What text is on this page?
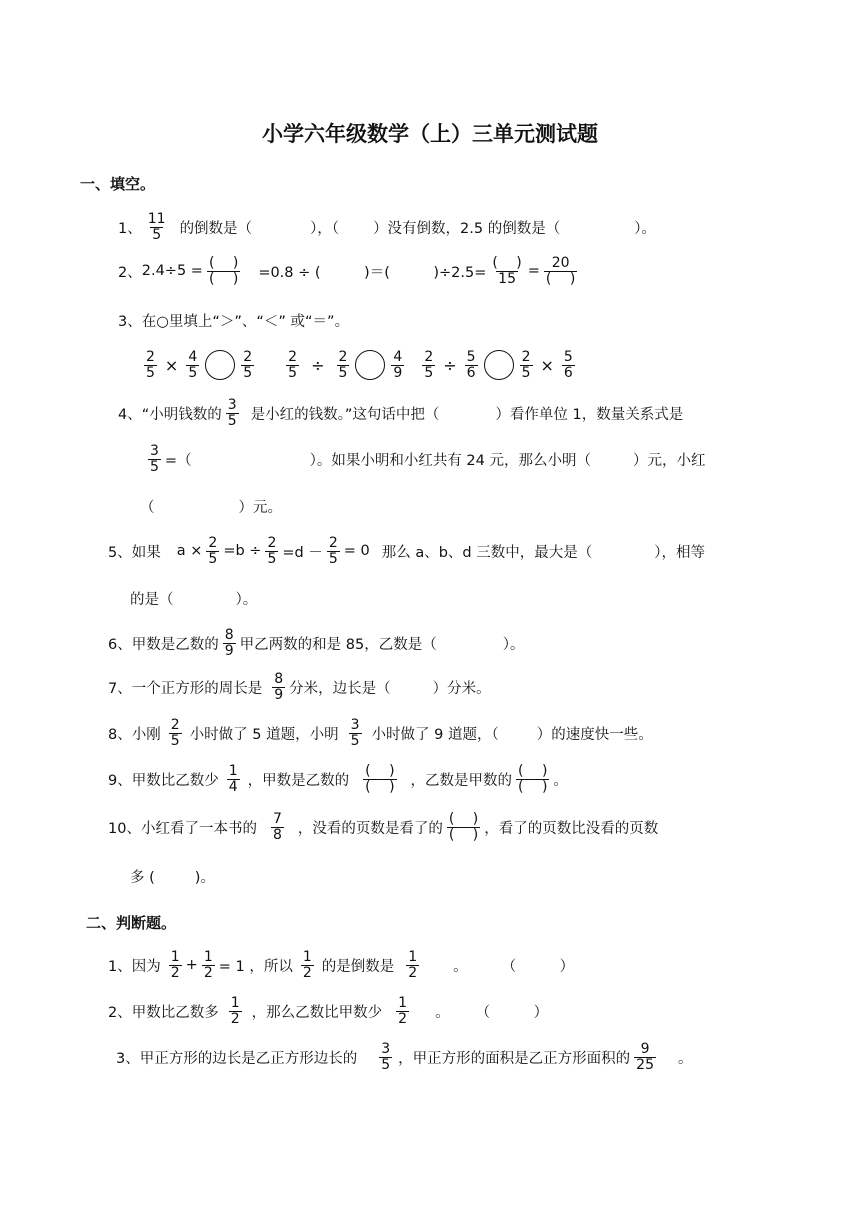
小学六年级数学（上）三单元测试题
一、填空。
1、 $\frac{11}{5}$ 的倒数是（	），（ ）没有倒数，2.5 的倒数是（	）。
2、 $2.4\div 5 = \frac{( )}{( )} =0.8$ ÷ (　　　)＝(　　　)$\div 2.5= \frac{( )}{15} = \frac{20}{( )}$
3、 在○里填上“＞”、“＜” 或“＝”。
$\frac{2}{5} \times \frac{4}{5}$	$\frac{2}{5} \frac{2}{5} \div \frac{2}{5}$	$\frac{4}{9} \frac{2}{5} \div \frac{5}{6}$	$\frac{2}{5} \times \frac{5}{6}$
4、 “小明钱数的 $\frac{3}{5}$ 是小红的钱数。”这句话中把（	）看作单位 1，数量关系式是
$\frac{3}{5}$ =（	）。如果小明和小红共有 24 元，那么小明（	）元，小红
（	）元。
5、 如果 $a \times \frac{2}{5} =b \div \frac{2}{5} =d - \frac{2}{5} = 0$ 那么 a、b、d 三数中，最大是（	），相等
的是（	）。
6、 甲数是乙数的 $\frac{8}{9}$ 甲乙两数的和是 85，乙数是（	）。
7、 一个正方形的周长是 $\frac{8}{9}$ 分米，边长是（	）分米。
8、 小刚 $\frac{2}{5}$ 小时做了 5 道题，小明 $\frac{3}{5}$ 小时做了 9 道题，（	）的速度快一些。
9、 甲数比乙数少 $\frac{1}{4}$ ，甲数是乙数的 $\frac{( )}{( )}$ ，乙数是甲数的 $\frac{( )}{( )}$ 。
10、 小红看了一本书的 $\frac{7}{8}$ ，没看的页数是看了的 $\frac{( )}{( )}$ ，看了的页数比没看的页数
多 (	)。
二、判断题。
1、 因为 $\frac{1}{2} + \frac{1}{2} = 1$ ，所以 $\frac{1}{2}$ 的是倒数是 $\frac{1}{2}$ 。 （　　　）
2、 甲数比乙数多 $\frac{1}{2}$ ，那么乙数比甲数少 $\frac{1}{2}$ 。 （　　　）
3、 甲正方形的边长是乙正方形边长的 $\frac{3}{5}$ ，甲正方形的面积是乙正方形面积的 $\frac{9}{25}$ 。
